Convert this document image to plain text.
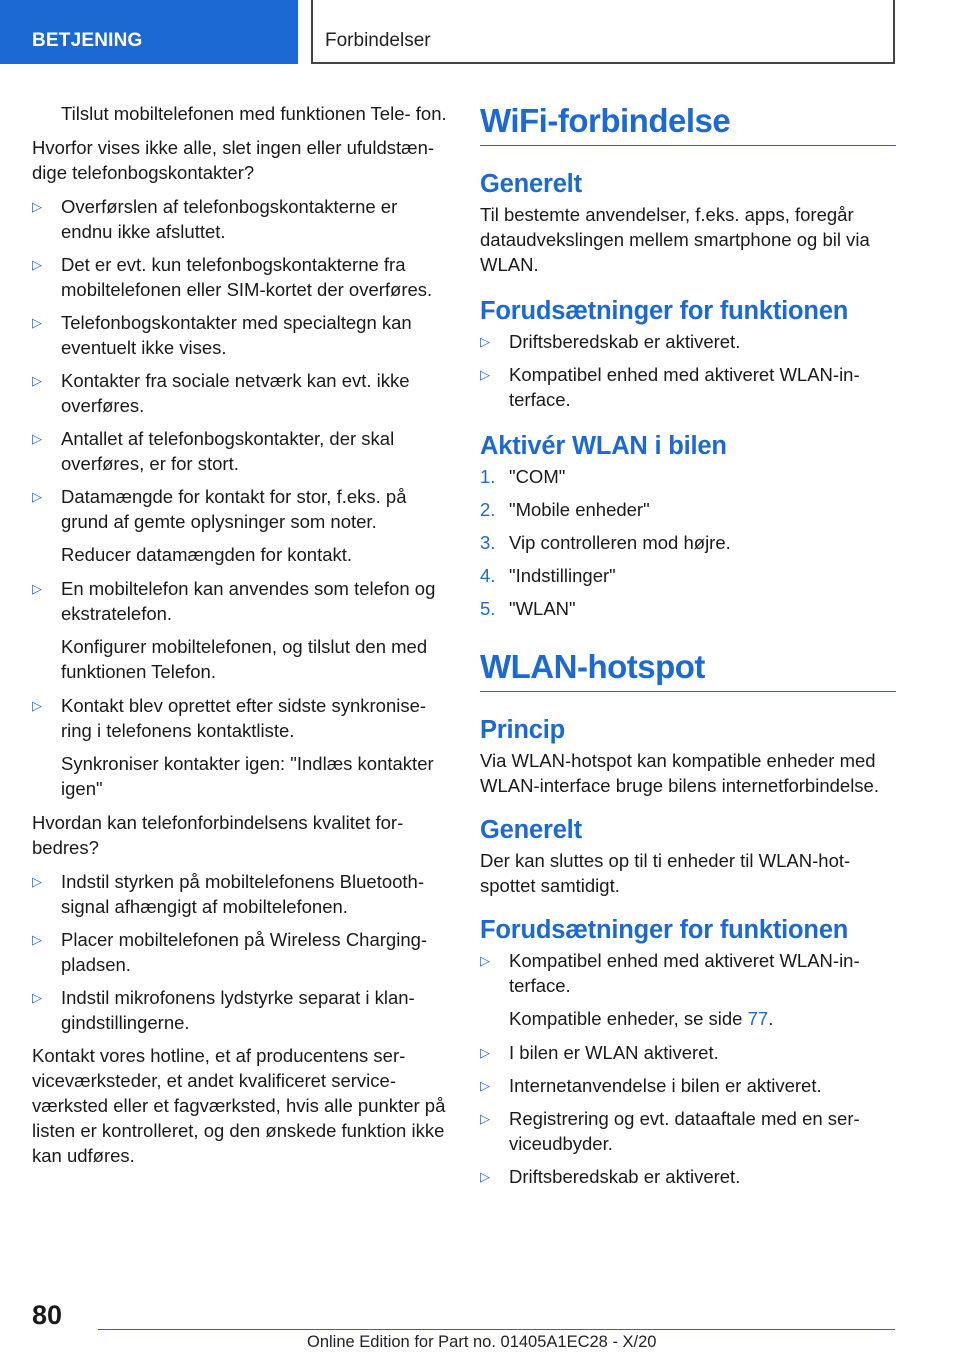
BETJENING	Forbindelser

Tilslut mobiltelefonen med funktionen Tele- fon.

Hvorfor vises ikke alle, slet ingen eller ufuldstæn- dige telefonbogskontakter?

▷ Overførslen af telefonbogskontakterne er endnu ikke afsluttet.
▷ Det er evt. kun telefonbogskontakterne fra mobiltelefonen eller SIM-kortet der overføres.
▷ Telefonbogskontakter med specialtegn kan eventuelt ikke vises.
▷ Kontakter fra sociale netværk kan evt. ikke overføres.
▷ Antallet af telefonbogskontakter, der skal overføres, er for stort.
▷ Datamængde for kontakt for stor, f.eks. på grund af gemte oplysninger som noter.

Reducer datamængden for kontakt.

▷ En mobiltelefon kan anvendes som telefon og ekstratelefon.

Konfigurer mobiltelefonen, og tilslut den med funktionen Telefon.

▷ Kontakt blev oprettet efter sidste synkronise- ring i telefonens kontaktliste.

Synkroniser kontakter igen: "Indlæs kontakter igen"

Hvordan kan telefonforbindelsens kvalitet for- bedres?

▷ Indstil styrken på mobiltelefonens Bluetooth- signal afhængigt af mobiltelefonen.
▷ Placer mobiltelefonen på Wireless Charging- pladsen.
▷ Indstil mikrofonens lydstyrke separat i klan- gindstillingerne.

Kontakt vores hotline, et af producentens ser- viceværksteder, et andet kvalificeret service- værksted eller et fagværksted, hvis alle punkter på listen er kontrolleret, og den ønskede funktion ikke kan udføres.

WiFi-forbindelse
Generelt

Til bestemte anvendelser, f.eks. apps, foregår dataudvekslingen mellem smartphone og bil via WLAN.

Forudsætninger for funktionen
▷ Driftsberedskab er aktiveret.
▷ Kompatibel enhed med aktiveret WLAN-in- terface.
Aktivér WLAN i bilen
1. "COM"
2. "Mobile enheder"
3. Vip controlleren mod højre.
4. "Indstillinger"
5. "WLAN"
WLAN-hotspot
Princip

Via WLAN-hotspot kan kompatible enheder med WLAN-interface bruge bilens internetforbindelse.

Generelt

Der kan sluttes op til ti enheder til WLAN-hot- spottet samtidigt.

Forudsætninger for funktionen
▷ Kompatibel enhed med aktiveret WLAN-in- terface.

Kompatible enheder, se side 77.

▷ I bilen er WLAN aktiveret.
▷ Internetanvendelse i bilen er aktiveret.
▷ Registrering og evt. dataaftale med en ser- viceudbyder.
▷ Driftsberedskab er aktiveret.
80
Online Edition for Part no. 01405A1EC28 - X/20
